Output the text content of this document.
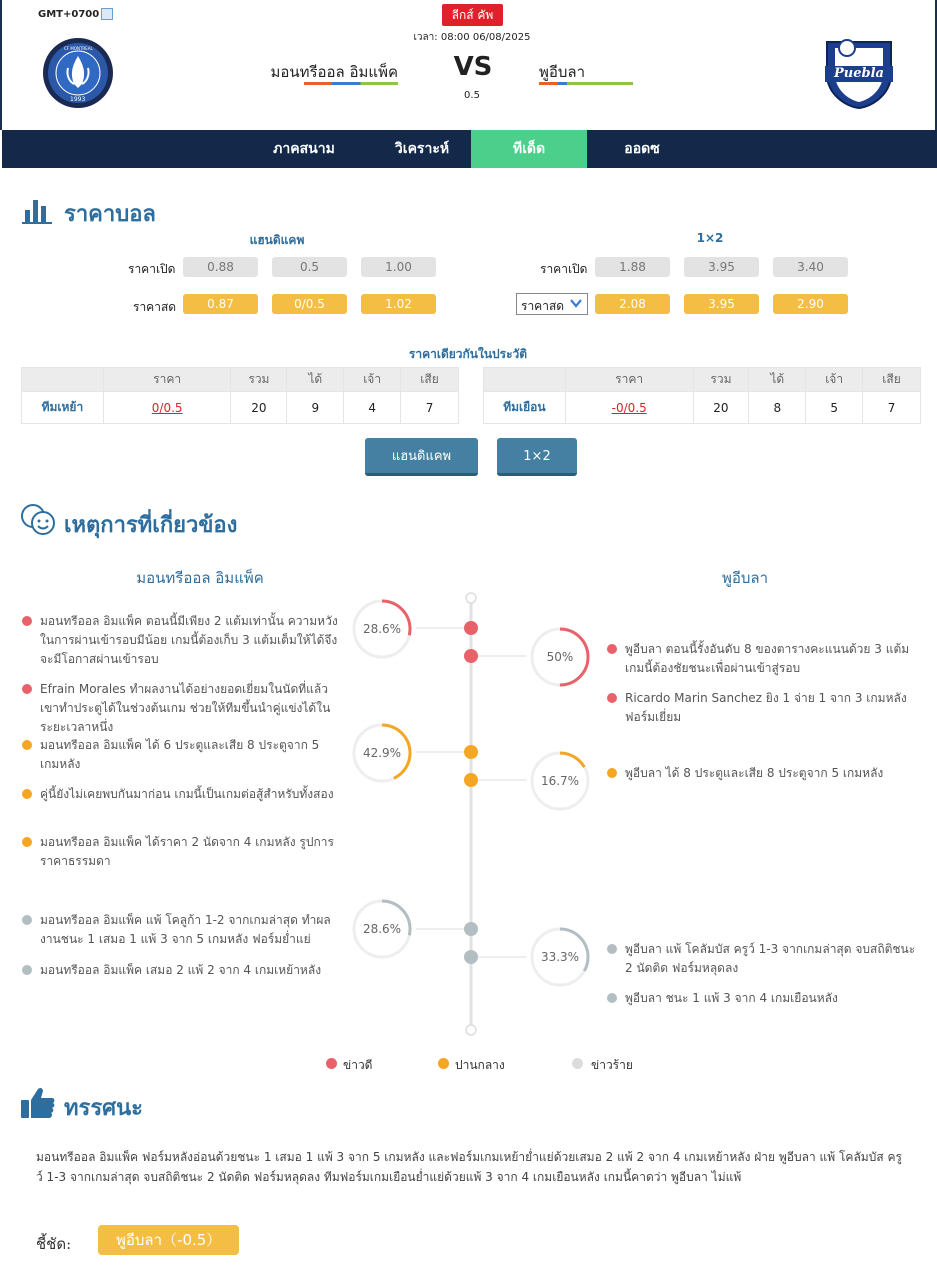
GMT+0700	ลีกส์ คัพ
เวลา: 08:00 06/08/2025
CF MONTREAL
1993
มอนทรีออล อิมแพ็ค VS
0.5
พูอีบลา	Puebla
ภาคสนาม	วิเคราะห์	ทีเด็ด	ออดซ
ราคาบอล
แฮนดิแคพ	1×2
ราคาเปิด	0.88	0.5	1.00
ราคาสด	0.87	0/0.5	1.02
ราคาเปิด	1.88	3.95	3.40
ราคาสด	2.08	3.95	2.90
ราคาเดียวกันในประวัติ
	ราคา	รวม	ได้	เจ้า	เสีย
ทีมเหย้า	0/0.5	20	9	4	7
	ราคา	รวม	ได้	เจ้า	เสีย
ทีมเยือน	-0/0.5	20	8	5	7
แฮนดิแคพ	1×2
เหตุการที่เกี่ยวข้อง
มอนทรีออล อิมแพ็ค	พูอีบลา
28.6%
50%
42.9%
16.7%
28.6%
33.3%
มอนทรีออล อิมแพ็ค ตอนนี้มีเพียง 2 แต้มเท่านั้น ความหวังในการผ่านเข้ารอบมีน้อย เกมนี้ต้องเก็บ 3 แต้มเต็มให้ได้จึงจะมีโอกาสผ่านเข้ารอบ
Efrain Morales ทำผลงานได้อย่างยอดเยี่ยมในนัดที่แล้ว เขาทำประตูได้ในช่วงต้นเกม ช่วยให้ทีมขึ้นนำคู่แข่งได้ในระยะเวลาหนึ่ง
มอนทรีออล อิมแพ็ค ได้ 6 ประตูและเสีย 8 ประตูจาก 5 เกมหลัง
คู่นี้ยังไม่เคยพบกันมาก่อน เกมนี้เป็นเกมต่อสู้สำหรับทั้งสอง
มอนทรีออล อิมแพ็ค ได้ราคา 2 นัดจาก 4 เกมหลัง รูปการราคาธรรมดา
มอนทรีออล อิมแพ็ค แพ้ โคลูก้า 1-2 จากเกมล่าสุด ทำผลงานชนะ 1 เสมอ 1 แพ้ 3 จาก 5 เกมหลัง ฟอร์มย่ำแย่
มอนทรีออล อิมแพ็ค เสมอ 2 แพ้ 2 จาก 4 เกมเหย้าหลัง
พูอีบลา ตอนนี้รั้งอันดับ 8 ของตารางคะแนนด้วย 3 แต้ม เกมนี้ต้องชัยชนะเพื่อผ่านเข้าสู่รอบ
Ricardo Marin Sanchez ยิง 1 จ่าย 1 จาก 3 เกมหลัง ฟอร์มเยี่ยม
พูอีบลา ได้ 8 ประตูและเสีย 8 ประตูจาก 5 เกมหลัง
พูอีบลา แพ้ โคลัมบัส ครูว์ 1-3 จากเกมล่าสุด จบสถิติชนะ 2 นัดติด ฟอร์มหลุดลง
พูอีบลา ชนะ 1 แพ้ 3 จาก 4 เกมเยือนหลัง
ข่าวดี	ปานกลาง	ข่าวร้าย
ทรรศนะ
มอนทรีออล อิมแพ็ค ฟอร์มหลังอ่อนด้วยชนะ 1 เสมอ 1 แพ้ 3 จาก 5 เกมหลัง และฟอร์มเกมเหย้าย่ำแย่ด้วยเสมอ 2 แพ้ 2 จาก 4 เกมเหย้าหลัง ฝ่าย พูอีบลา แพ้ โคลัมบัส ครูว์ 1-3 จากเกมล่าสุด จบสถิติชนะ 2 นัดติด ฟอร์มหลุดลง ทีมฟอร์มเกมเยือนย่ำแย่ด้วยแพ้ 3 จาก 4 เกมเยือนหลัง เกมนี้คาดว่า พูอีบลา ไม่แพ้
ชี้ชัด:	พูอีบลา（-0.5）
